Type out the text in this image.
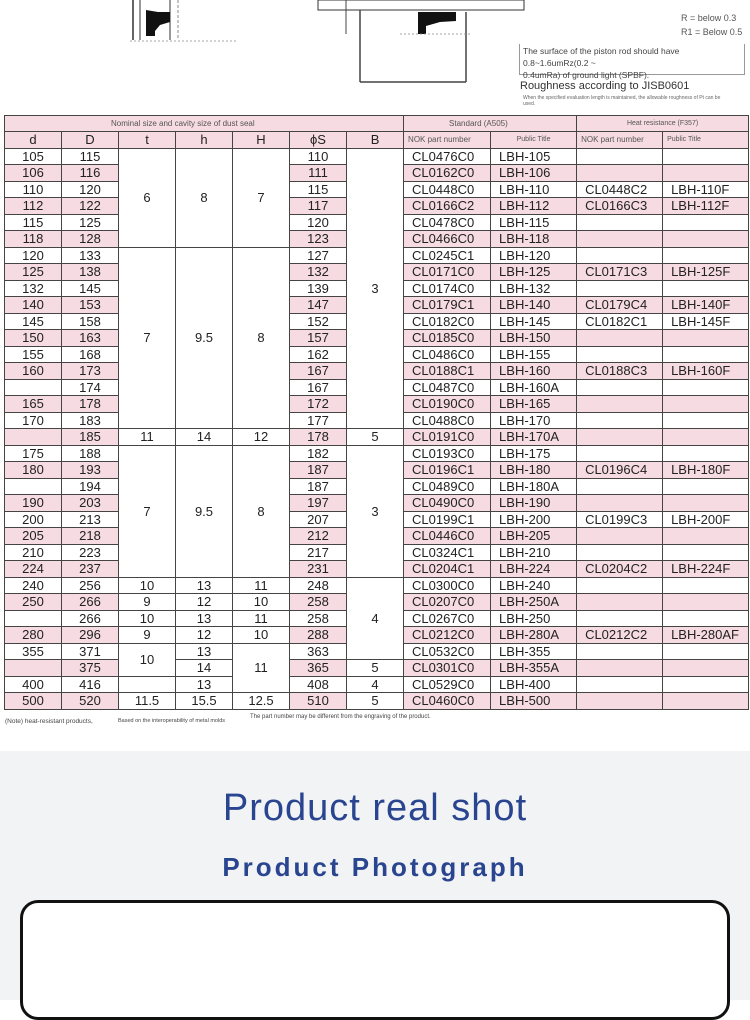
R = below 0.3
R1 = Below 0.5
The surface of the piston rod should have 0.8~1.6umRz(0.2 ~
0.4umRa) of ground light (SPBF).
Roughness according to JISB0601
When the specified evaluation length is maintained, the allowable roughness of Pt can be used.
Nominal size and cavity size of dust seal							Standard (A505)		Heat resistance (F357)	
d	D	t	h	H	ϕS	B	NOK part number	Public Title	NOK part number	Public Title
105	115	6	8	7	110	3	CL0476C0	LBH-105		
106	116				111		CL0162C0	LBH-106		
110	120				115		CL0448C0	LBH-110	CL0448C2	LBH-110F
112	122				117		CL0166C2	LBH-112	CL0166C3	LBH-112F
115	125				120		CL0478C0	LBH-115		
118	128				123		CL0466C0	LBH-118		
120	133	7	9.5	8	127		CL0245C1	LBH-120		
125	138				132		CL0171C0	LBH-125	CL0171C3	LBH-125F
132	145				139		CL0174C0	LBH-132		
140	153				147		CL0179C1	LBH-140	CL0179C4	LBH-140F
145	158				152		CL0182C0	LBH-145	CL0182C1	LBH-145F
150	163				157		CL0185C0	LBH-150		
155	168				162		CL0486C0	LBH-155		
160	173				167		CL0188C1	LBH-160	CL0188C3	LBH-160F
	174				167		CL0487C0	LBH-160A		
165	178				172		CL0190C0	LBH-165		
170	183				177		CL0488C0	LBH-170		
	185	11	14	12	178	5	CL0191C0	LBH-170A		
175	188	7	9.5	8	182	3	CL0193C0	LBH-175		
180	193				187		CL0196C1	LBH-180	CL0196C4	LBH-180F
	194				187		CL0489C0	LBH-180A		
190	203				197		CL0490C0	LBH-190		
200	213				207		CL0199C1	LBH-200	CL0199C3	LBH-200F
205	218				212		CL0446C0	LBH-205		
210	223				217		CL0324C1	LBH-210		
224	237				231		CL0204C1	LBH-224	CL0204C2	LBH-224F
240	256	10	13	11	248	4	CL0300C0	LBH-240		
250	266	9	12	10	258		CL0207C0	LBH-250A		
	266	10	13	11	258		CL0267C0	LBH-250		
280	296	9	12	10	288		CL0212C0	LBH-280A	CL0212C2	LBH-280AF
355	371	10	13	11	363		CL0532C0	LBH-355		
	375		14		365	5	CL0301C0	LBH-355A		
400	416		13		408	4	CL0529C0	LBH-400		
500	520	11.5	15.5	12.5	510	5	CL0460C0	LBH-500		
(Note) heat-resistant products,	Based on the interoperability of metal molds
The part number may be different from the engraving of the product.
Product real shot
Product Photograph
